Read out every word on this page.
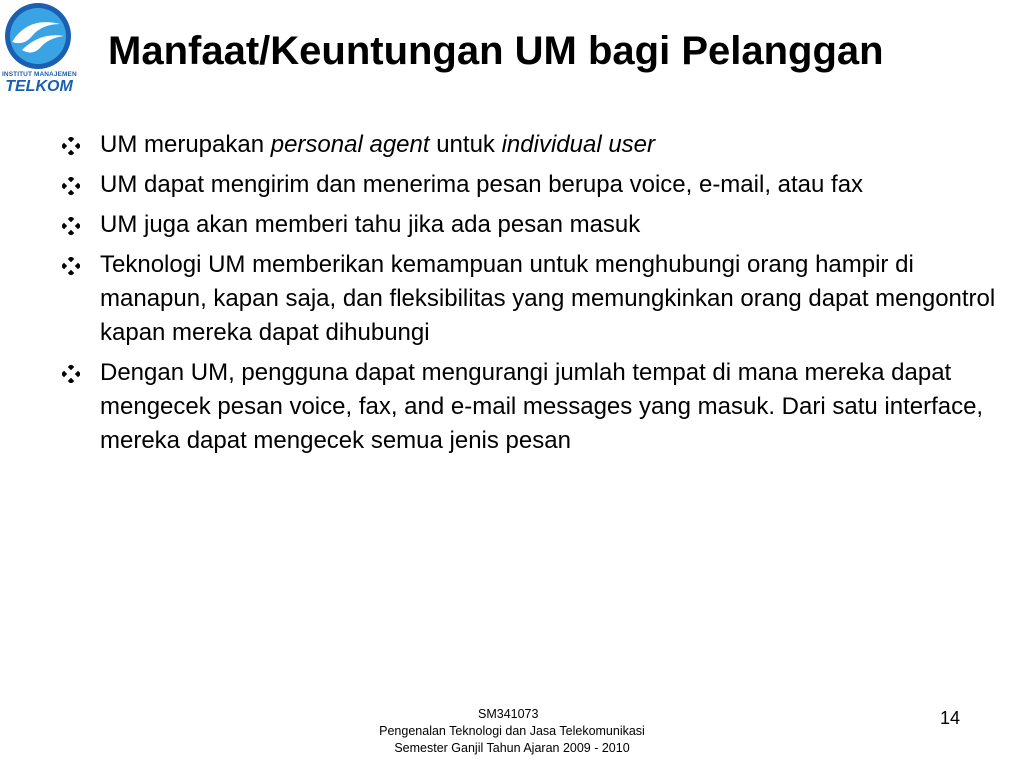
INSTITUT MANAJEMEN
TELKOM
Manfaat/Keuntungan UM bagi Pelanggan
UM merupakan personal agent untuk individual user
UM dapat mengirim dan menerima pesan berupa voice, e-mail, atau fax
UM juga akan memberi tahu jika ada pesan masuk
Teknologi UM memberikan kemampuan untuk menghubungi orang hampir di manapun, kapan saja, dan fleksibilitas yang memungkinkan orang dapat mengontrol kapan mereka dapat dihubungi
Dengan UM, pengguna dapat mengurangi jumlah tempat di mana mereka dapat mengecek pesan voice, fax, and e-mail messages yang masuk. Dari satu interface, mereka dapat mengecek semua jenis pesan
SM341073
Pengenalan Teknologi dan Jasa Telekomunikasi
Semester Ganjil Tahun Ajaran 2009 - 2010
14
